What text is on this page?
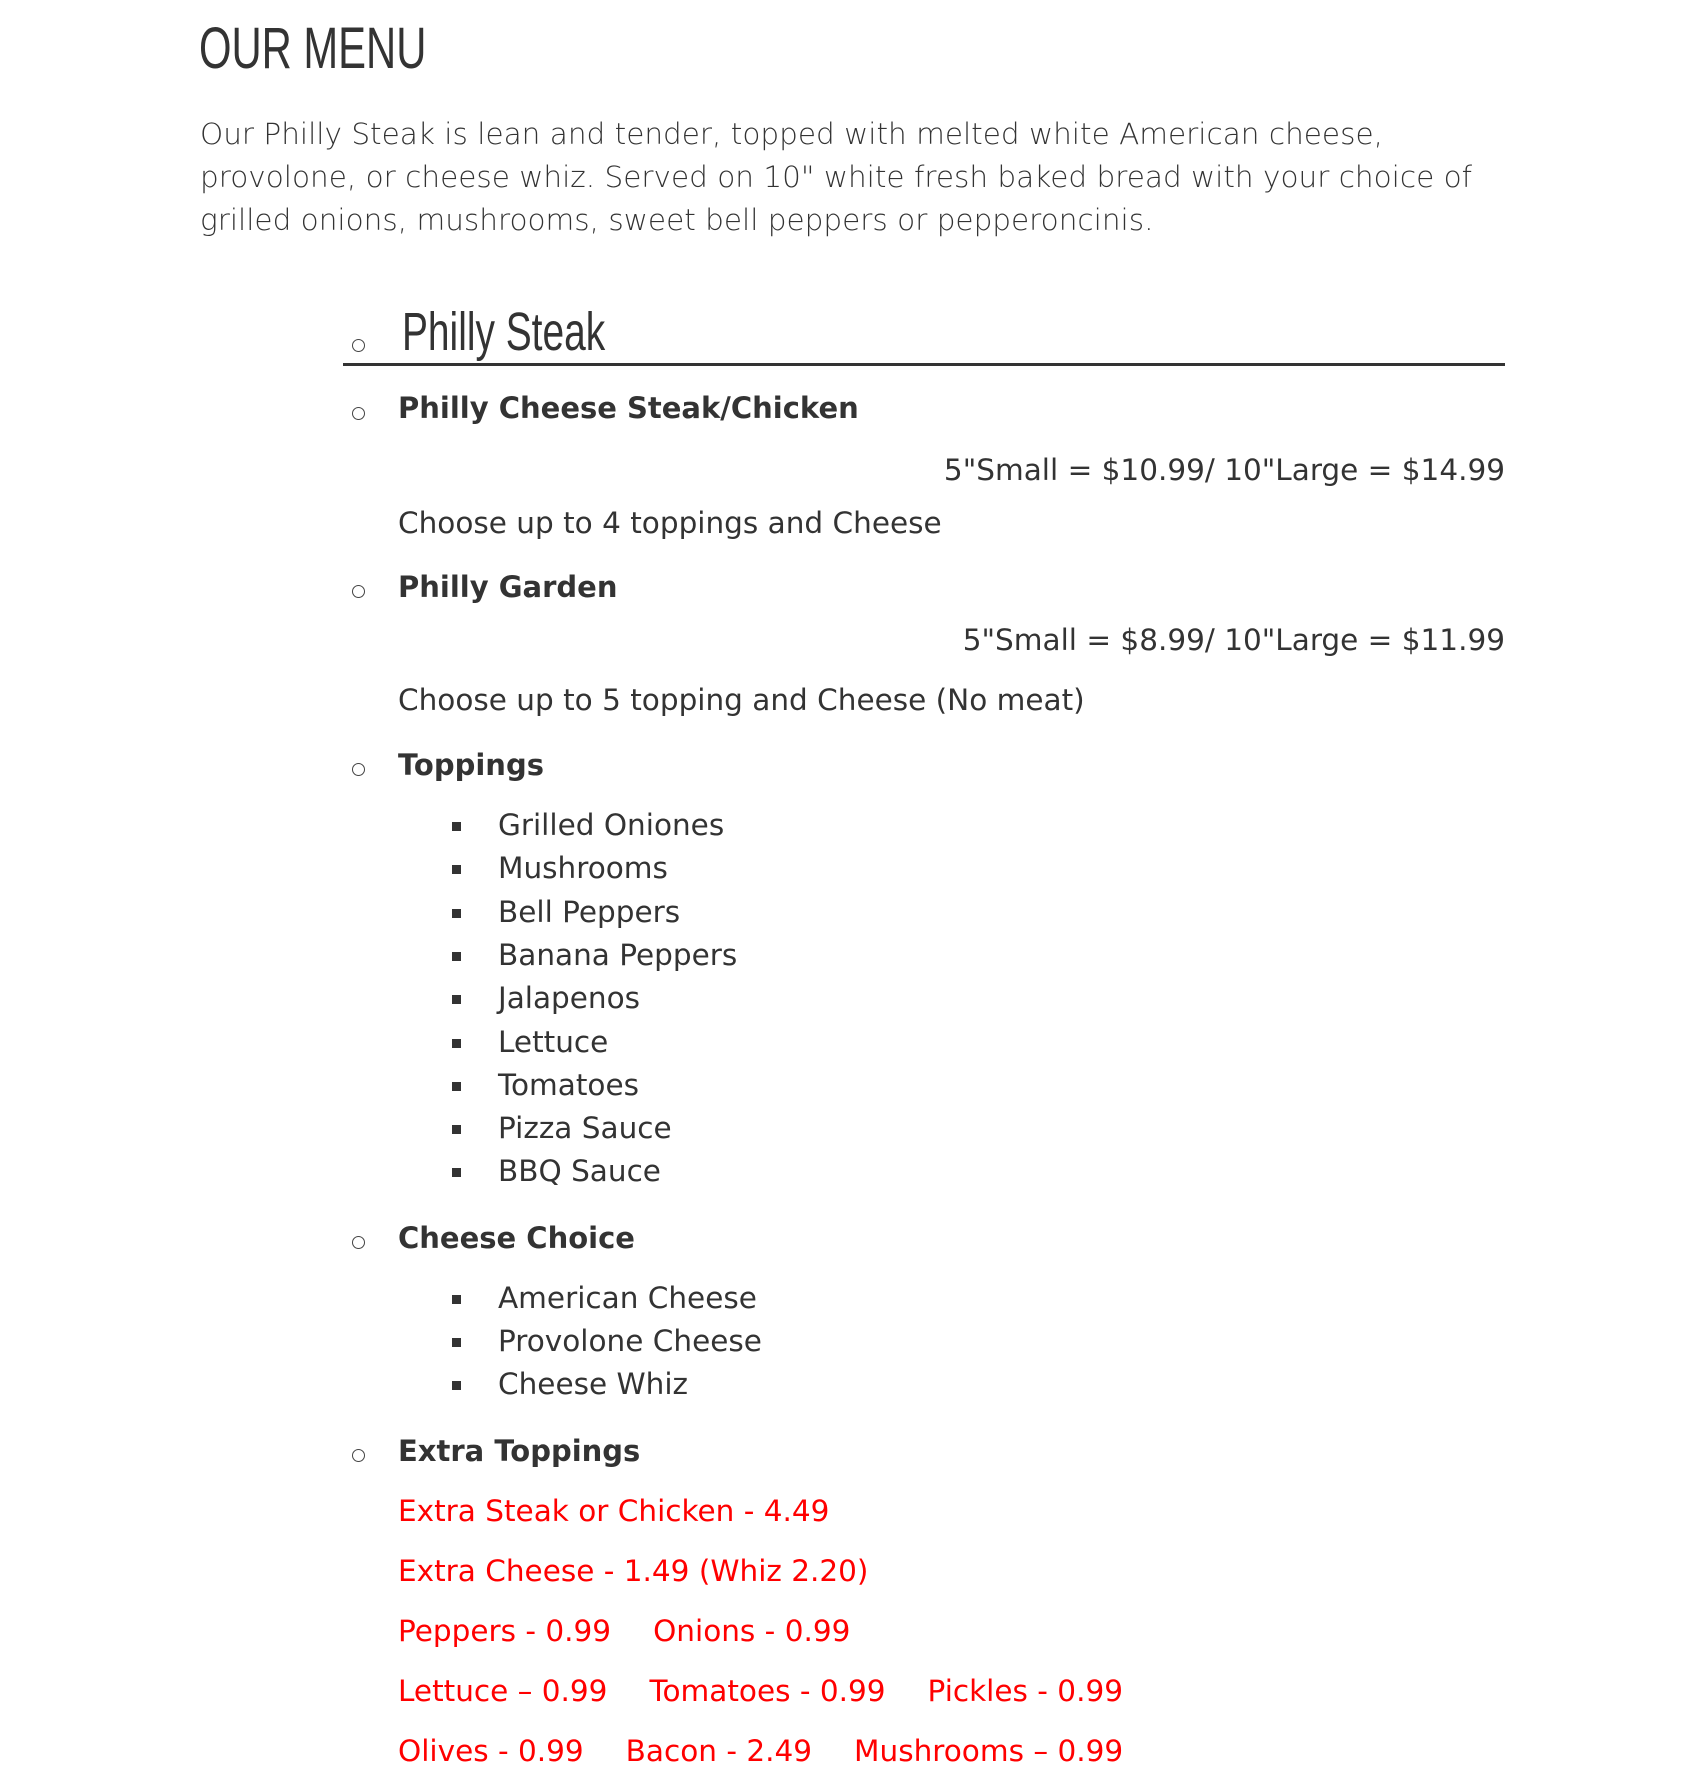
OUR MENU
Our Philly Steak is lean and tender, topped with melted white American cheese,
provolone, or cheese whiz. Served on 10" white fresh baked bread with your choice of
grilled onions, mushrooms, sweet bell peppers or pepperoncinis.
Philly Steak
Philly Cheese Steak/Chicken
5"Small = $10.99/ 10"Large = $14.99
Choose up to 4 toppings and Cheese
Philly Garden
5"Small = $8.99/ 10"Large = $11.99
Choose up to 5 topping and Cheese (No meat)
Toppings
Grilled Oniones
Mushrooms
Bell Peppers
Banana Peppers
Jalapenos
Lettuce
Tomatoes
Pizza Sauce
BBQ Sauce
Cheese Choice
American Cheese
Provolone Cheese
Cheese Whiz
Extra Toppings
Extra Steak or Chicken - 4.49
Extra Cheese - 1.49 (Whiz 2.20)
Peppers - 0.99 Onions - 0.99
Lettuce – 0.99 Tomatoes - 0.99 Pickles - 0.99
Olives - 0.99 Bacon - 2.49 Mushrooms – 0.99
